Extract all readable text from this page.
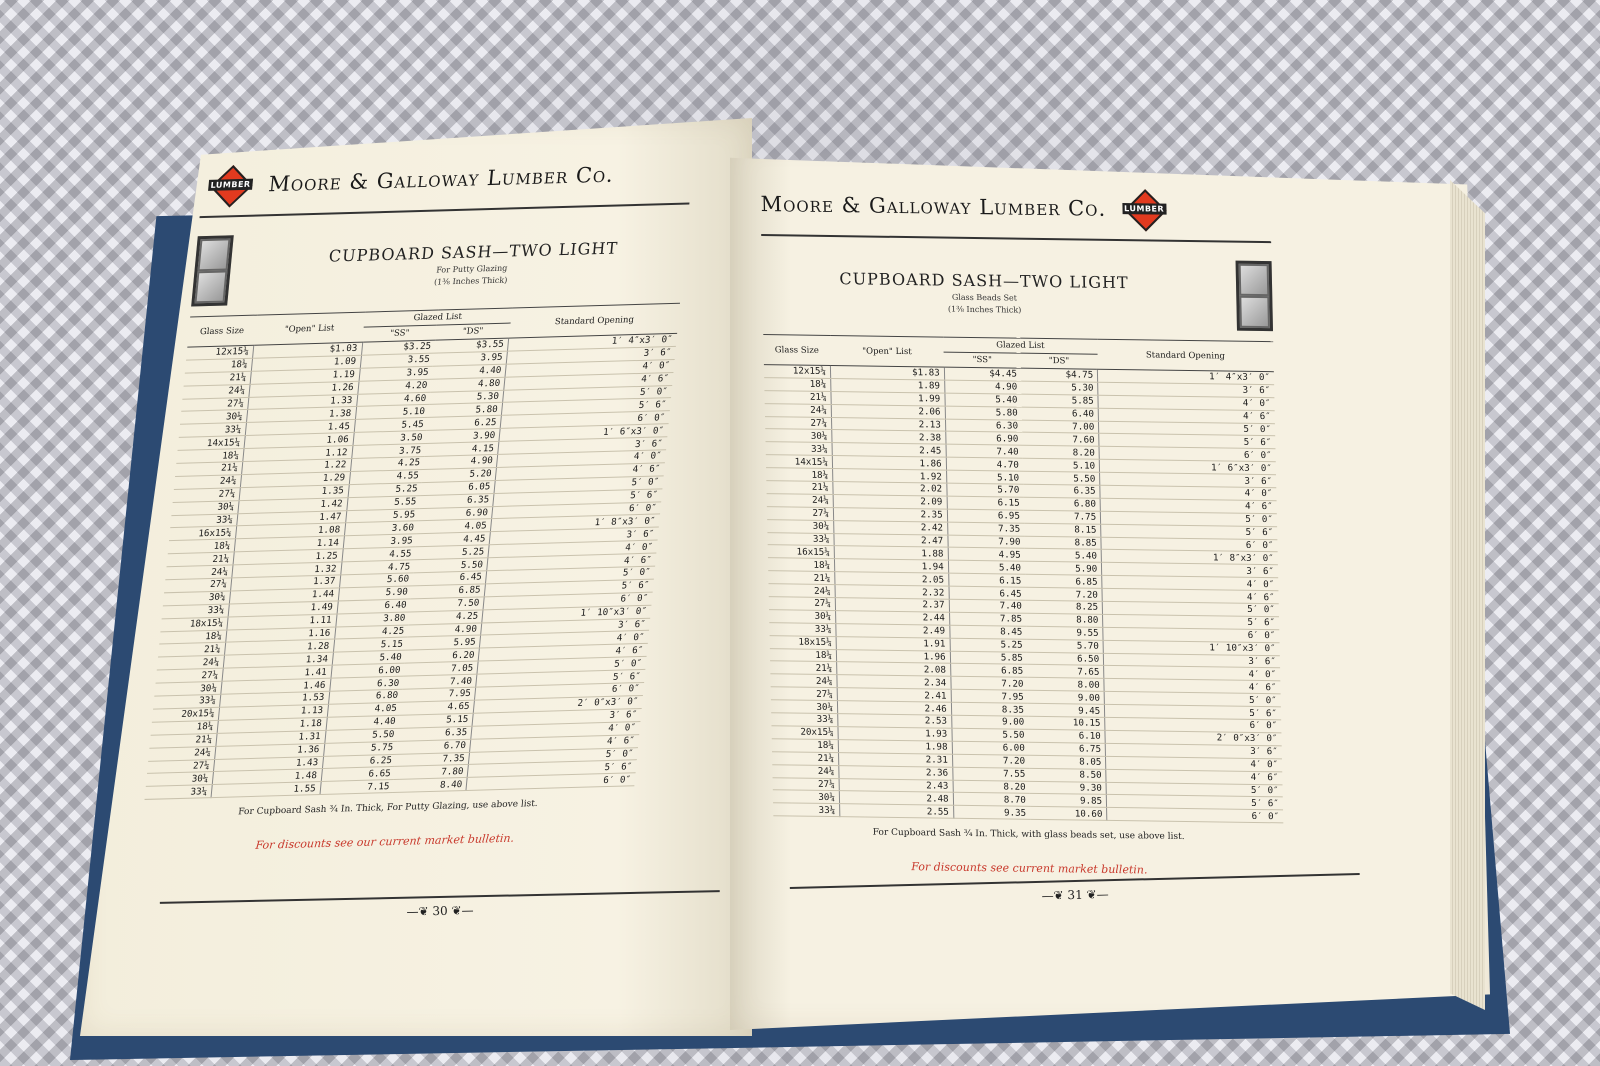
LUMBER Moore & Galloway Lumber Co.
CUPBOARD SASH—TWO LIGHT
For Putty Glazing
(1⅜ Inches Thick)
Glass Size	"Open" List	Glazed List		Standard Opening
		"SS"	"DS"	
12x15¼	$1.03	$3.25	$3.55	1′ 4″x3′ 0″
18¼	1.09	3.55	3.95	3′ 6″
21¼	1.19	3.95	4.40	4′ 0″
24¼	1.26	4.20	4.80	4′ 6″
27¼	1.33	4.60	5.30	5′ 0″
30¼	1.38	5.10	5.80	5′ 6″
33¼	1.45	5.45	6.25	6′ 0″
14x15¼	1.06	3.50	3.90	1′ 6″x3′ 0″
18¼	1.12	3.75	4.15	3′ 6″
21¼	1.22	4.25	4.90	4′ 0″
24¼	1.29	4.55	5.20	4′ 6″
27¼	1.35	5.25	6.05	5′ 0″
30¼	1.42	5.55	6.35	5′ 6″
33¼	1.47	5.95	6.90	6′ 0″
16x15¼	1.08	3.60	4.05	1′ 8″x3′ 0″
18¼	1.14	3.95	4.45	3′ 6″
21¼	1.25	4.55	5.25	4′ 0″
24¼	1.32	4.75	5.50	4′ 6″
27¼	1.37	5.60	6.45	5′ 0″
30¼	1.44	5.90	6.85	5′ 6″
33¼	1.49	6.40	7.50	6′ 0″
18x15¼	1.11	3.80	4.25	1′ 10″x3′ 0″
18¼	1.16	4.25	4.90	3′ 6″
21¼	1.28	5.15	5.95	4′ 0″
24¼	1.34	5.40	6.20	4′ 6″
27¼	1.41	6.00	7.05	5′ 0″
30¼	1.46	6.30	7.40	5′ 6″
33¼	1.53	6.80	7.95	6′ 0″
20x15¼	1.13	4.05	4.65	2′ 0″x3′ 0″
18¼	1.18	4.40	5.15	3′ 6″
21¼	1.31	5.50	6.35	4′ 0″
24¼	1.36	5.75	6.70	4′ 6″
27¼	1.43	6.25	7.35	5′ 0″
30¼	1.48	6.65	7.80	5′ 6″
33¼	1.55	7.15	8.40	6′ 0″
For Cupboard Sash ¾ In. Thick, For Putty Glazing, use above list.
For discounts see our current market bulletin.
—❦ 30 ❦—
Moore & Galloway Lumber Co. LUMBER
CUPBOARD SASH—TWO LIGHT
Glass Beads Set
(1⅜ Inches Thick)
Glass Size	"Open" List	Glazed List		Standard Opening
		"SS"	"DS"	
12x15¼	$1.83	$4.45	$4.75	1′ 4″x3′ 0″
18¼	1.89	4.90	5.30	3′ 6″
21¼	1.99	5.40	5.85	4′ 0″
24¼	2.06	5.80	6.40	4′ 6″
27¼	2.13	6.30	7.00	5′ 0″
30¼	2.38	6.90	7.60	5′ 6″
33¼	2.45	7.40	8.20	6′ 0″
14x15¼	1.86	4.70	5.10	1′ 6″x3′ 0″
18¼	1.92	5.10	5.50	3′ 6″
21¼	2.02	5.70	6.35	4′ 0″
24¼	2.09	6.15	6.80	4′ 6″
27¼	2.35	6.95	7.75	5′ 0″
30¼	2.42	7.35	8.15	5′ 6″
33¼	2.47	7.90	8.85	6′ 0″
16x15¼	1.88	4.95	5.40	1′ 8″x3′ 0″
18¼	1.94	5.40	5.90	3′ 6″
21¼	2.05	6.15	6.85	4′ 0″
24¼	2.32	6.45	7.20	4′ 6″
27¼	2.37	7.40	8.25	5′ 0″
30¼	2.44	7.85	8.80	5′ 6″
33¼	2.49	8.45	9.55	6′ 0″
18x15¼	1.91	5.25	5.70	1′ 10″x3′ 0″
18¼	1.96	5.85	6.50	3′ 6″
21¼	2.08	6.85	7.65	4′ 0″
24¼	2.34	7.20	8.00	4′ 6″
27¼	2.41	7.95	9.00	5′ 0″
30¼	2.46	8.35	9.45	5′ 6″
33¼	2.53	9.00	10.15	6′ 0″
20x15¼	1.93	5.50	6.10	2′ 0″x3′ 0″
18¼	1.98	6.00	6.75	3′ 6″
21¼	2.31	7.20	8.05	4′ 0″
24¼	2.36	7.55	8.50	4′ 6″
27¼	2.43	8.20	9.30	5′ 0″
30¼	2.48	8.70	9.85	5′ 6″
33¼	2.55	9.35	10.60	6′ 0″
For Cupboard Sash ¾ In. Thick, with glass beads set, use above list.
For discounts see current market bulletin.
—❦ 31 ❦—
